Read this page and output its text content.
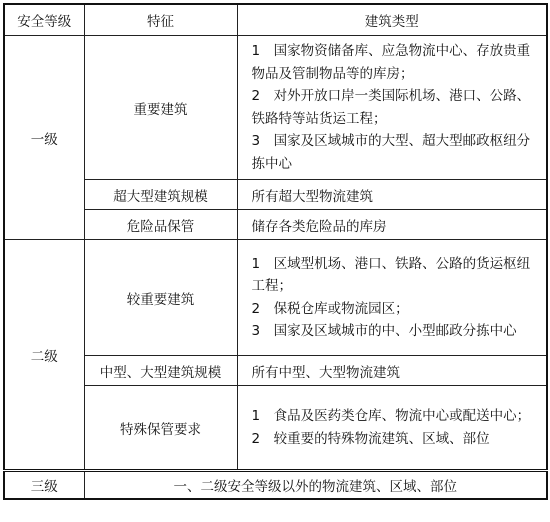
安全等级	特征	建筑类型
一级	重要建筑	1　国家物资储备库、应急物流中心、存放贵重物品及管制物品等的库房；
2　对外开放口岸一类国际机场、港口、公路、铁路特等站货运工程；
3　国家及区域城市的大型、超大型邮政枢纽分拣中心

	超大型建筑规模	所有超大型物流建筑
	危险品保管	储存各类危险品的库房
二级	较重要建筑	1　区域型机场、港口、铁路、公路的货运枢纽工程；
2　保税仓库或物流园区；
3　国家及区域城市的中、小型邮政分拣中心

	中型、大型建筑规模	所有中型、大型物流建筑
	特殊保管要求	1　食品及医药类仓库、物流中心或配送中心；
2　较重要的特殊物流建筑、区域、部位

三级	一、二级安全等级以外的物流建筑、区域、部位	
